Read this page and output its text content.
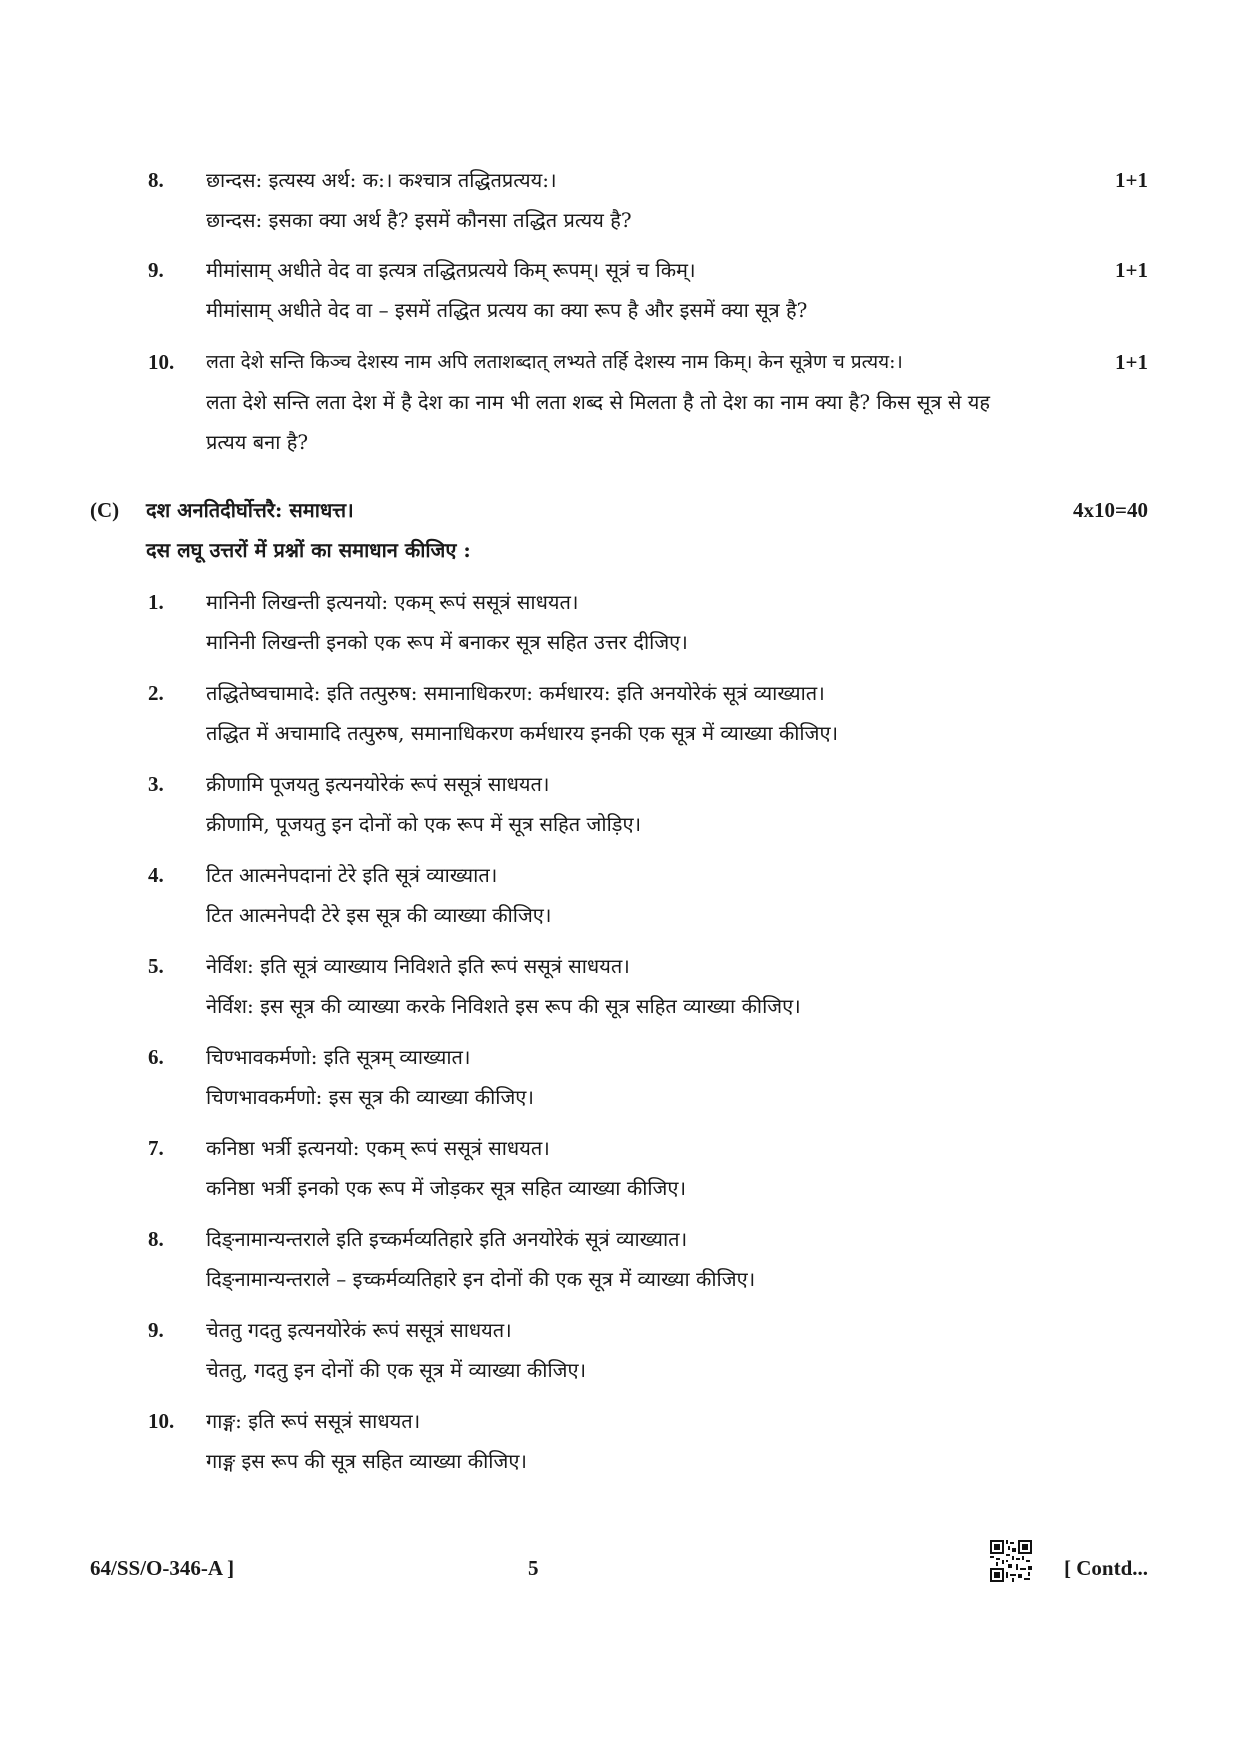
8. छान्दस: इत्यस्य अर्थ: क:। कश्चात्र तद्धितप्रत्यय:।
छान्दस: इसका क्या अर्थ है? इसमें कौनसा तद्धित प्रत्यय है?
1+1
9. मीमांसाम् अधीते वेद वा इत्यत्र तद्धितप्रत्यये किम् रूपम्। सूत्रं च किम्।
मीमांसाम् अधीते वेद वा – इसमें तद्धित प्रत्यय का क्या रूप है और इसमें क्या सूत्र है?
1+1
10. लता देशे सन्ति किञ्च देशस्य नाम अपि लताशब्दात् लभ्यते तर्हि देशस्य नाम किम्। केन सूत्रेण च प्रत्यय:।
लता देशे सन्ति लता देश में है देश का नाम भी लता शब्द से मिलता है तो देश का नाम क्या है? किस सूत्र से यह प्रत्यय बना है?
1+1
(C) दश अनतिदीर्घोत्तरै: समाधत्त।
दस लघू उत्तरों में प्रश्नों का समाधान कीजिए :
4x10=40
1. मानिनी लिखन्ती इत्यनयो: एकम् रूपं ससूत्रं साधयत।
मानिनी लिखन्ती इनको एक रूप में बनाकर सूत्र सहित उत्तर दीजिए।
2. तद्धितेष्वचामादे: इति तत्पुरुष: समानाधिकरण: कर्मधारय: इति अनयोरेकं सूत्रं व्याख्यात।
तद्धित में अचामादि तत्पुरुष, समानाधिकरण कर्मधारय इनकी एक सूत्र में व्याख्या कीजिए।
3. क्रीणामि पूजयतु इत्यनयोरेकं रूपं ससूत्रं साधयत।
क्रीणामि, पूजयतु इन दोनों को एक रूप में सूत्र सहित जोड़िए।
4. टित आत्मनेपदानां टेरे इति सूत्रं व्याख्यात।
टित आत्मनेपदी टेरे इस सूत्र की व्याख्या कीजिए।
5. नेर्विश: इति सूत्रं व्याख्याय निविशते इति रूपं ससूत्रं साधयत।
नेर्विश: इस सूत्र की व्याख्या करके निविशते इस रूप की सूत्र सहित व्याख्या कीजिए।
6. चिण्भावकर्मणो: इति सूत्रम् व्याख्यात।
चिणभावकर्मणो: इस सूत्र की व्याख्या कीजिए।
7. कनिष्ठा भर्त्री इत्यनयो: एकम् रूपं ससूत्रं साधयत।
कनिष्ठा भर्त्री इनको एक रूप में जोड़कर सूत्र सहित व्याख्या कीजिए।
8. दिङ्नामान्यन्तराले इति इच्कर्मव्यतिहारे इति अनयोरेकं सूत्रं व्याख्यात।
दिङ्नामान्यन्तराले – इच्कर्मव्यतिहारे इन दोनों की एक सूत्र में व्याख्या कीजिए।
9. चेततु गदतु इत्यनयोरेकं रूपं ससूत्रं साधयत।
चेततु, गदतु इन दोनों की एक सूत्र में व्याख्या कीजिए।
10. गाङ्ग: इति रूपं ससूत्रं साधयत।
गाङ्ग इस रूप की सूत्र सहित व्याख्या कीजिए।
64/SS/O-346-A ]	5	[ Contd...
